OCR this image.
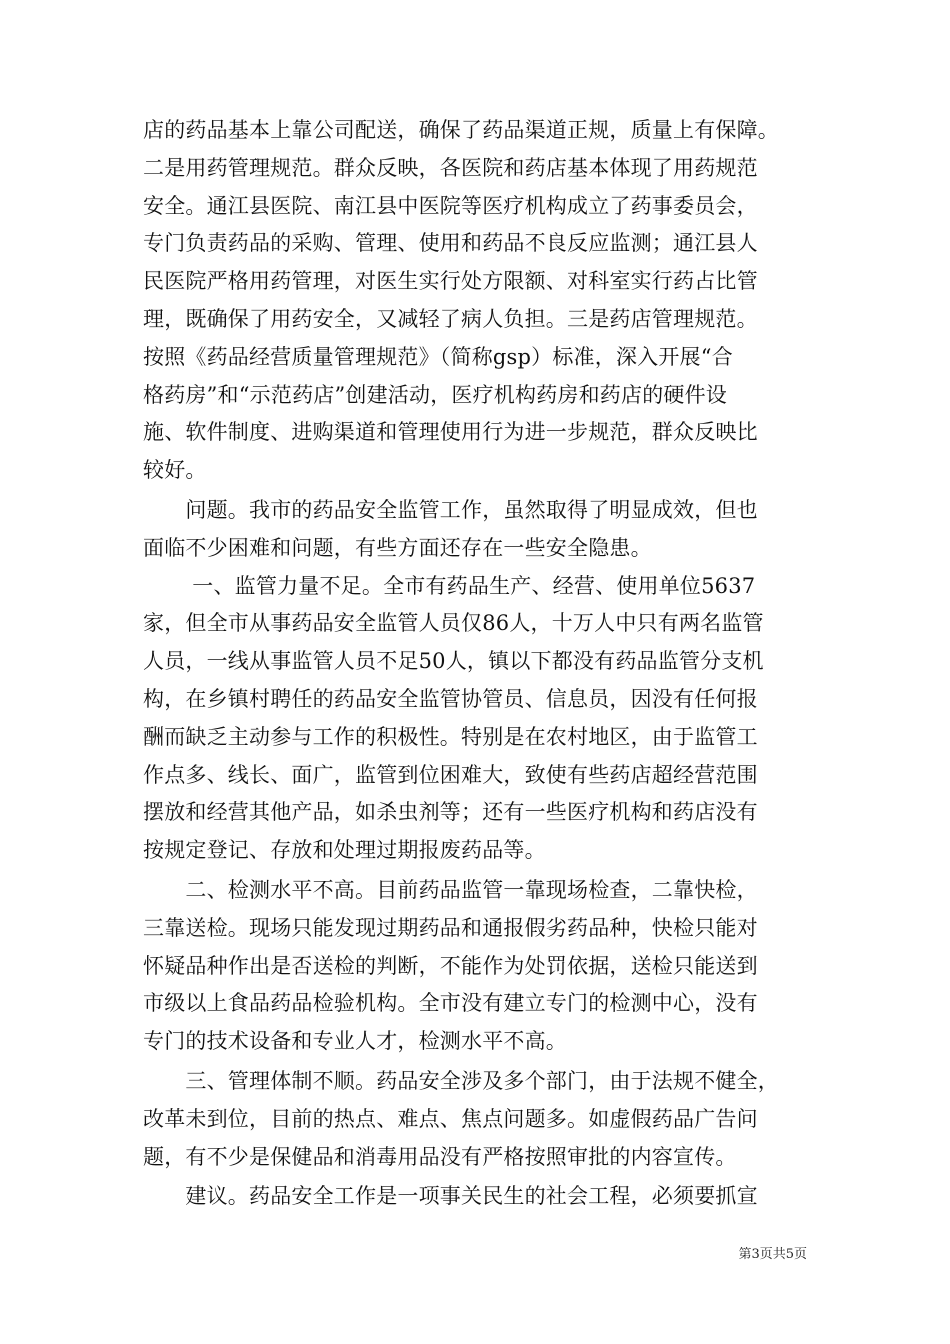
店的药品基本上靠公司配送，确保了药品渠道正规，质量上有保障。
二是用药管理规范。群众反映，各医院和药店基本体现了用药规范
安全。通江县医院、南江县中医院等医疗机构成立了药事委员会，
专门负责药品的采购、管理、使用和药品不良反应监测；通江县人
民医院严格用药管理，对医生实行处方限额、对科室实行药占比管
理，既确保了用药安全，又减轻了病人负担。三是药店管理规范。
按照《药品经营质量管理规范》（简称gsp）标准，深入开展“合
格药房”和“示范药店”创建活动，医疗机构药房和药店的硬件设
施、软件制度、进购渠道和管理使用行为进一步规范，群众反映比
较好。
　　问题。我市的药品安全监管工作，虽然取得了明显成效，但也
面临不少困难和问题，有些方面还存在一些安全隐患。
　　 一、监管力量不足。全市有药品生产、经营、使用单位5637
家，但全市从事药品安全监管人员仅86人，十万人中只有两名监管
人员，一线从事监管人员不足50人，镇以下都没有药品监管分支机
构，在乡镇村聘任的药品安全监管协管员、信息员，因没有任何报
酬而缺乏主动参与工作的积极性。特别是在农村地区，由于监管工
作点多、线长、面广，监管到位困难大，致使有些药店超经营范围
摆放和经营其他产品，如杀虫剂等；还有一些医疗机构和药店没有
按规定登记、存放和处理过期报废药品等。
　　二、检测水平不高。目前药品监管一靠现场检查，二靠快检，
三靠送检。现场只能发现过期药品和通报假劣药品种，快检只能对
怀疑品种作出是否送检的判断，不能作为处罚依据，送检只能送到
市级以上食品药品检验机构。全市没有建立专门的检测中心，没有
专门的技术设备和专业人才，检测水平不高。
　　三、管理体制不顺。药品安全涉及多个部门，由于法规不健全，
改革未到位，目前的热点、难点、焦点问题多。如虚假药品广告问
题，有不少是保健品和消毒用品没有严格按照审批的内容宣传。
　　建议。药品安全工作是一项事关民生的社会工程，必须要抓宣
第3页共5页
